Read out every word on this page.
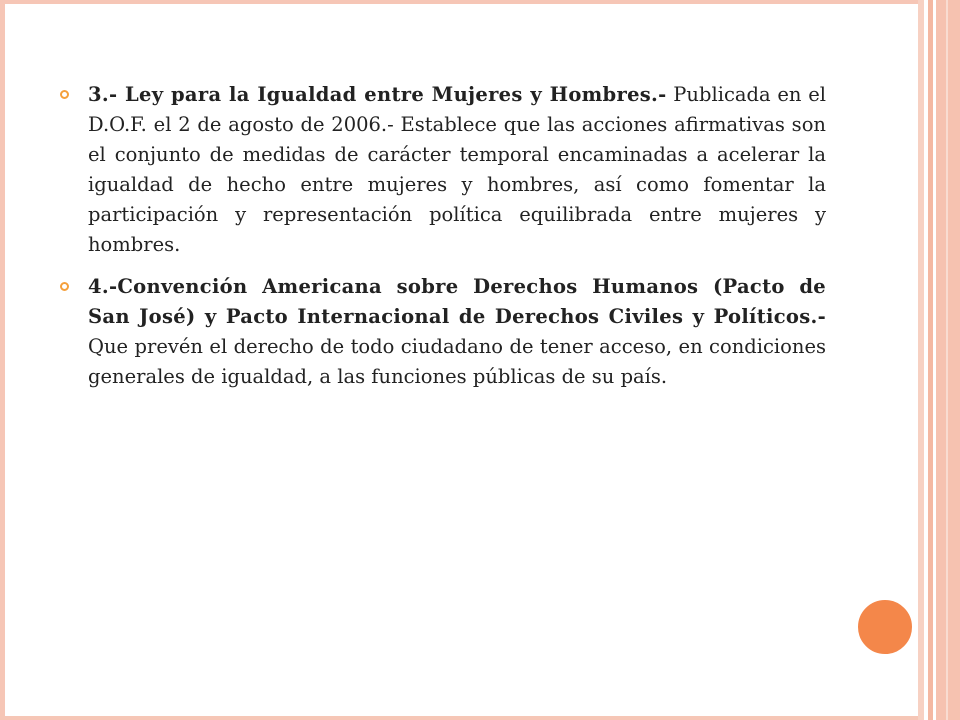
3.- Ley para la Igualdad entre Mujeres y Hombres.- Publicada en el D.O.F. el 2 de agosto de 2006.- Establece que las acciones afirmativas son el conjunto de medidas de carácter temporal encaminadas a acelerar la igualdad de hecho entre mujeres y hombres, así como fomentar la participación y representación política equilibrada entre mujeres y hombres.
4.-Convención Americana sobre Derechos Humanos (Pacto de San José) y Pacto Internacional de Derechos Civiles y Políticos.- Que prevén el derecho de todo ciudadano de tener acceso, en condiciones generales de igualdad, a las funciones públicas de su país.
